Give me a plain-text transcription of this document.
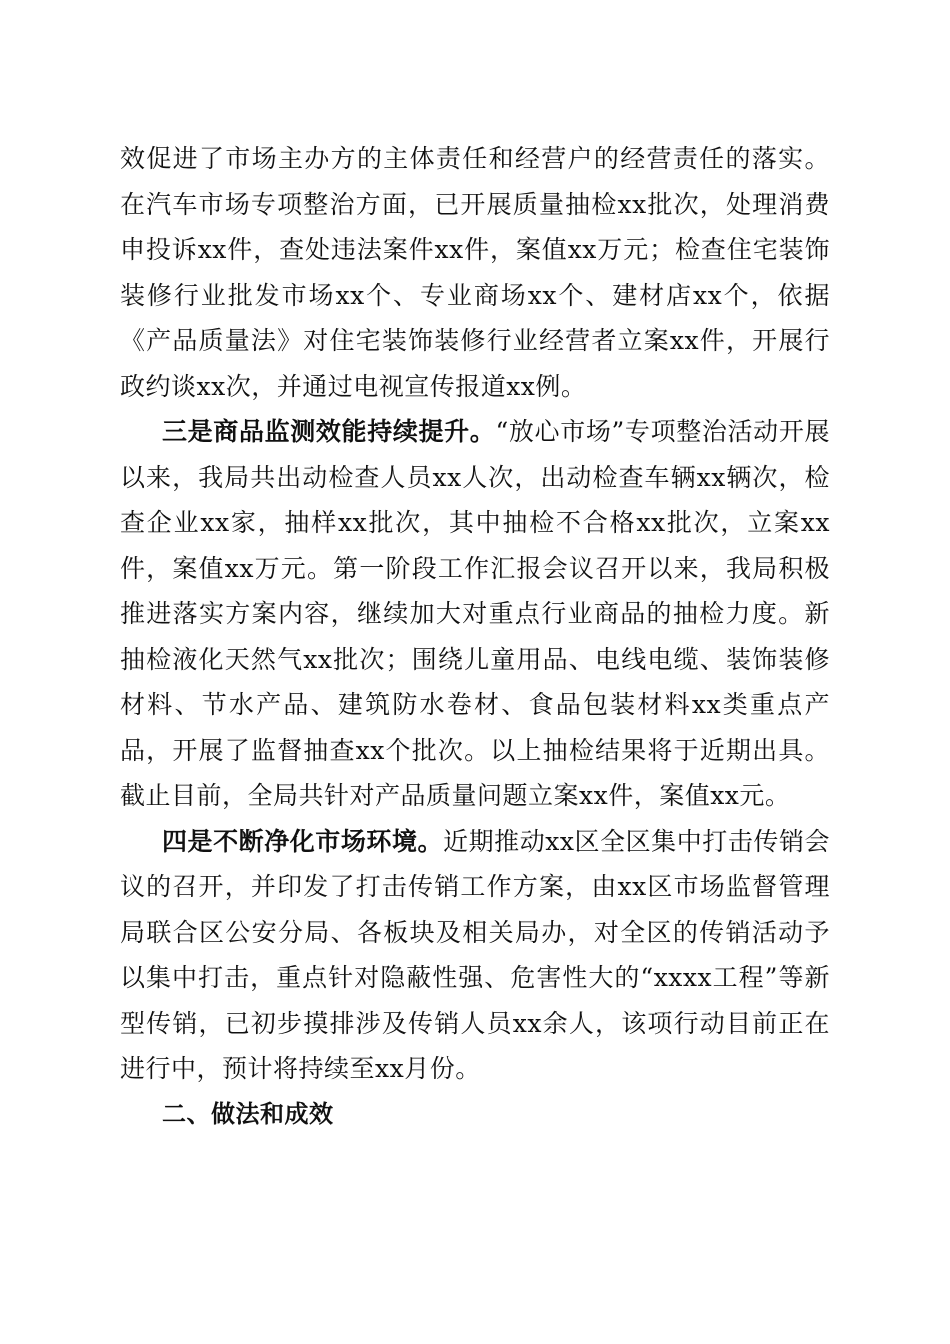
效促进了市场主办方的主体责任和经营户的经营责任的落实。在汽车市场专项整治方面，已开展质量抽检xx批次，处理消费申投诉xx件，查处违法案件xx件，案值xx万元；检查住宅装饰装修行业批发市场xx个、专业商场xx个、建材店xx个，依据《产品质量法》对住宅装饰装修行业经营者立案xx件，开展行政约谈xx次，并通过电视宣传报道xx例。

三是商品监测效能持续提升。“放心市场”专项整治活动开展以来，我局共出动检查人员xx人次，出动检查车辆xx辆次，检查企业xx家，抽样xx批次，其中抽检不合格xx批次，立案xx件，案值xx万元。第一阶段工作汇报会议召开以来，我局积极推进落实方案内容，继续加大对重点行业商品的抽检力度。新抽检液化天然气xx批次；围绕儿童用品、电线电缆、装饰装修材料、节水产品、建筑防水卷材、食品包装材料xx类重点产品，开展了监督抽查xx个批次。以上抽检结果将于近期出具。截止目前，全局共针对产品质量问题立案xx件，案值xx元。

四是不断净化市场环境。近期推动xx区全区集中打击传销会议的召开，并印发了打击传销工作方案，由xx区市场监督管理局联合区公安分局、各板块及相关局办，对全区的传销活动予以集中打击，重点针对隐蔽性强、危害性大的“xxxx工程”等新型传销，已初步摸排涉及传销人员xx余人，该项行动目前正在进行中，预计将持续至xx月份。

二、做法和成效
